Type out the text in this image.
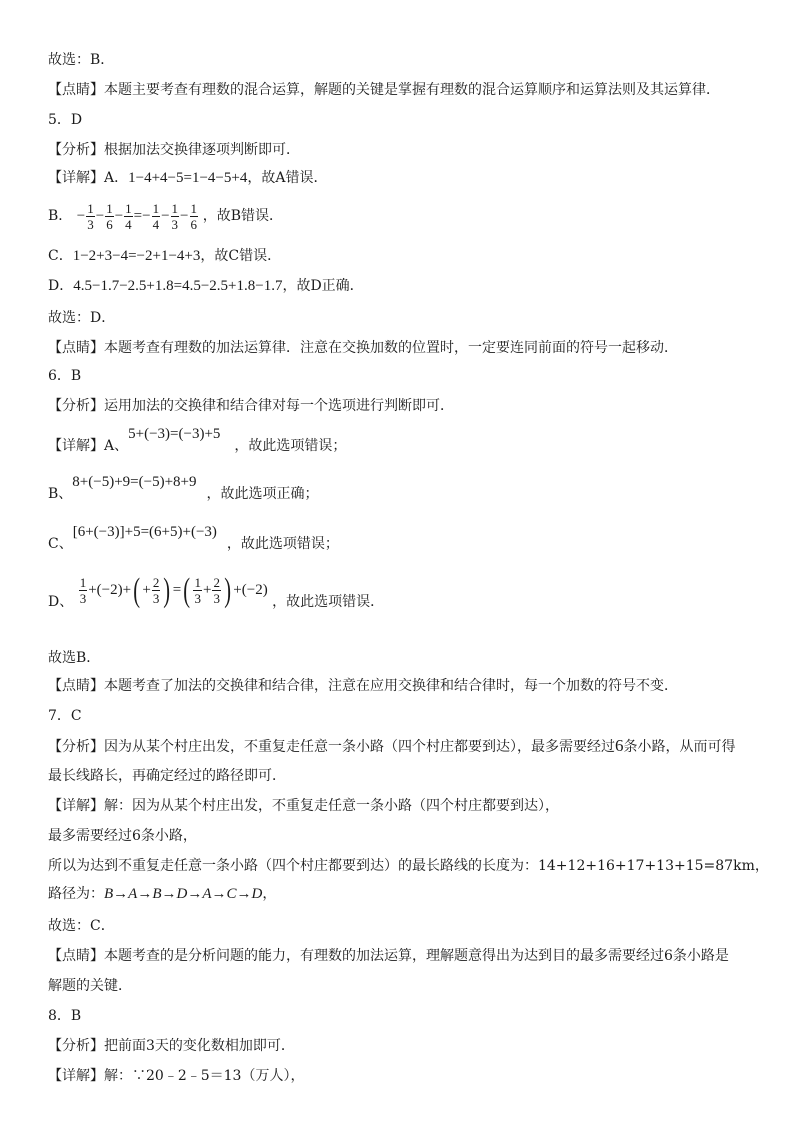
故选：B．
【点睛】本题主要考查有理数的混合运算，解题的关键是掌握有理数的混合运算顺序和运算法则及其运算律．
5．D
【分析】根据加法交换律逐项判断即可．
【详解】A．1−4+4−5=1−4−5+4，故A错误．
B． − $\frac{1}{3} - \frac{1}{6} - \frac{1}{4} =- \frac{1}{4} - \frac{1}{3} - \frac{1}{6}$ ，故B错误．
C．1−2+3−4=−2+1−4+3，故C错误．
D．4.5−1.7−2.5+1.8=4.5−2.5+1.8−1.7，故D正确．
故选：D．
【点睛】本题考查有理数的加法运算律．注意在交换加数的位置时，一定要连同前面的符号一起移动．
6．B
【分析】运用加法的交换律和结合律对每一个选项进行判断即可．
【详解】A、5+(−3)=(−3)+5，故此选项错误；
B、8+(−5)+9=(−5)+8+9，故此选项正确；
C、[6+(−3)]+5=(6+5)+(−3)，故此选项错误；
D、 $\frac{1}{3} +(-2)+( + \frac{2}{3}$ ) =( $\frac{1}{3} + \frac{2}{3}$ ) +(−2) ，故此选项错误．
故选B．
【点睛】本题考查了加法的交换律和结合律，注意在应用交换律和结合律时，每一个加数的符号不变．
7．C
【分析】因为从某个村庄出发，不重复走任意一条小路（四个村庄都要到达），最多需要经过6条小路，从而可得
最长线路长，再确定经过的路径即可．
【详解】解：因为从某个村庄出发，不重复走任意一条小路（四个村庄都要到达），
最多需要经过6条小路，
所以为达到不重复走任意一条小路（四个村庄都要到达）的最长路线的长度为：14+12+16+17+13+15=87km，
路径为：B→A→B→D→A→C→D，
故选：C．
【点睛】本题考查的是分析问题的能力，有理数的加法运算，理解题意得出为达到目的最多需要经过6条小路是
解题的关键．
8．B
【分析】把前面3天的变化数相加即可．
【详解】解：∵20﹣2﹣5＝13（万人），
